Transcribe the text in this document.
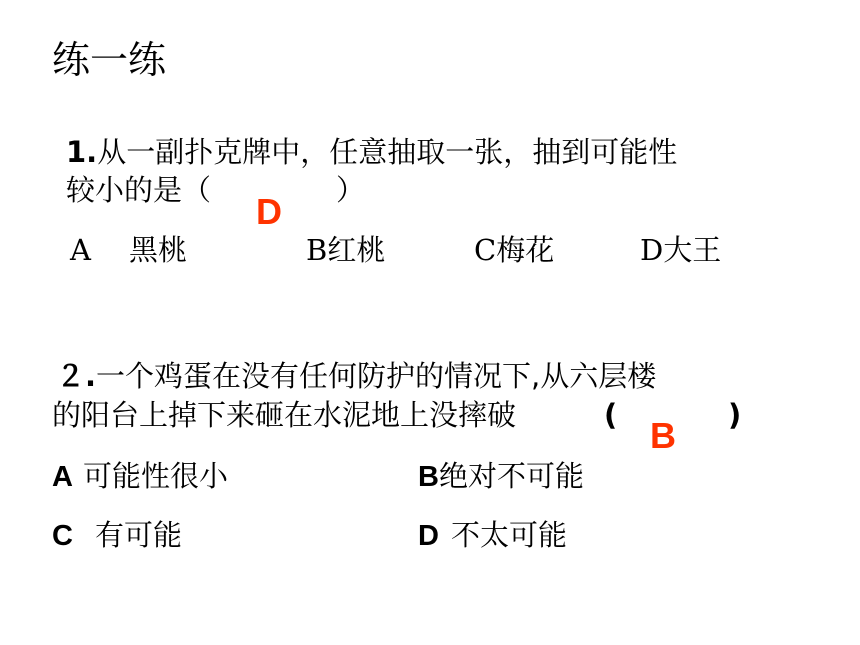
练一练
1.从一副扑克牌中，任意抽取一张，抽到可能性
较小的是（	）
D
A 黑桃	B红桃	C梅花	D大王
２.一个鸡蛋在没有任何防护的情况下,从六层楼
的阳台上掉下来砸在水泥地上没摔破	(	)
B
A 可能性很小	B绝对不可能
C 有可能	D 不太可能
